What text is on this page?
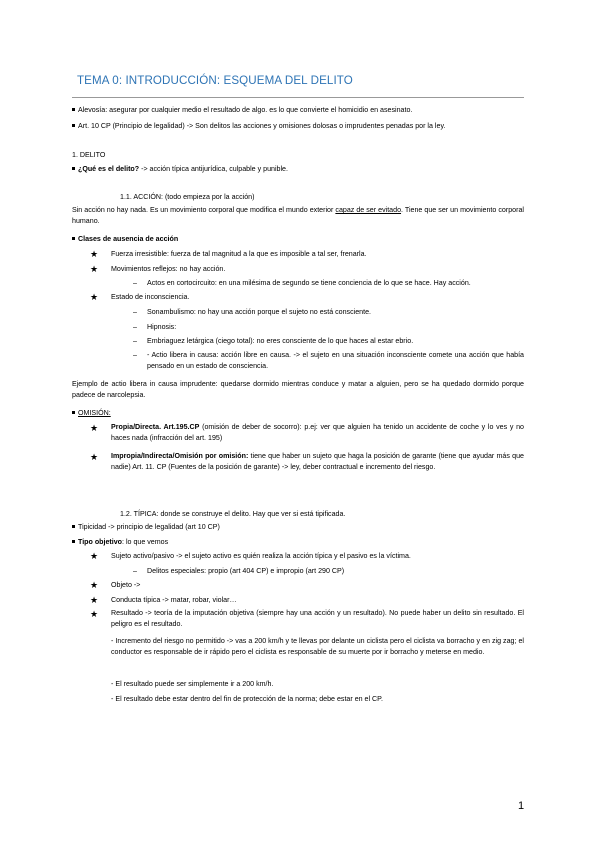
TEMA 0: INTRODUCCIÓN: ESQUEMA DEL DELITO
Alevosía: asegurar por cualquier medio el resultado de algo. es lo que convierte el homicidio en asesinato.
Art. 10 CP (Principio de legalidad) -> Son delitos las acciones y omisiones dolosas o imprudentes penadas por la ley.
1. DELITO
¿Qué es el delito? -> acción típica antijurídica, culpable y punible.
1.1. ACCIÓN: (todo empieza por la acción)
Sin acción no hay nada. Es un movimiento corporal que modifica el mundo exterior capaz de ser evitado. Tiene que ser un movimiento corporal humano.
Clases de ausencia de acción
★ Fuerza irresistible: fuerza de tal magnitud a la que es imposible a tal ser, frenarla.
★ Movimientos reflejos: no hay acción.
– Actos en cortocircuito: en una milésima de segundo se tiene conciencia de lo que se hace. Hay acción.
★ Estado de inconsciencia.
– Sonambulismo: no hay una acción porque el sujeto no está consciente.
– Hipnosis:
– Embriaguez letárgica (ciego total): no eres consciente de lo que haces al estar ebrio.
– - Actio libera in causa: acción libre en causa. -> el sujeto en una situación inconsciente comete una acción que había pensado en un estado de consciencia.
Ejemplo de actio libera in causa imprudente: quedarse dormido mientras conduce y matar a alguien, pero se ha quedado dormido porque padece de narcolepsia.
OMISIÓN:
★ Propia/Directa. Art.195.CP (omisión de deber de socorro): p.ej: ver que alguien ha tenido un accidente de coche y lo ves y no haces nada (infracción del art. 195)
★ Impropia/Indirecta/Omisión por omisión: tiene que haber un sujeto que haga la posición de garante (tiene que ayudar más que nadie) Art. 11. CP (Fuentes de la posición de garante) -> ley, deber contractual e incremento del riesgo.
1.2. TÍPICA: donde se construye el delito. Hay que ver si está tipificada.
Tipicidad -> principio de legalidad (art 10 CP)
Tipo objetivo: lo que vemos
★ Sujeto activo/pasivo -> el sujeto activo es quién realiza la acción típica y el pasivo es la víctima.
– Delitos especiales: propio (art 404 CP) e impropio (art 290 CP)
★ Objeto ->
★ Conducta típica -> matar, robar, violar…
★ Resultado -> teoría de la imputación objetiva (siempre hay una acción y un resultado). No puede haber un delito sin resultado. El peligro es el resultado.
- Incremento del riesgo no permitido -> vas a 200 km/h y te llevas por delante un ciclista pero el ciclista va borracho y en zig zag; el conductor es responsable de ir rápido pero el ciclista es responsable de su muerte por ir borracho y meterse en medio.
- El resultado puede ser simplemente ir a 200 km/h.
- El resultado debe estar dentro del fin de protección de la norma; debe estar en el CP.
1
